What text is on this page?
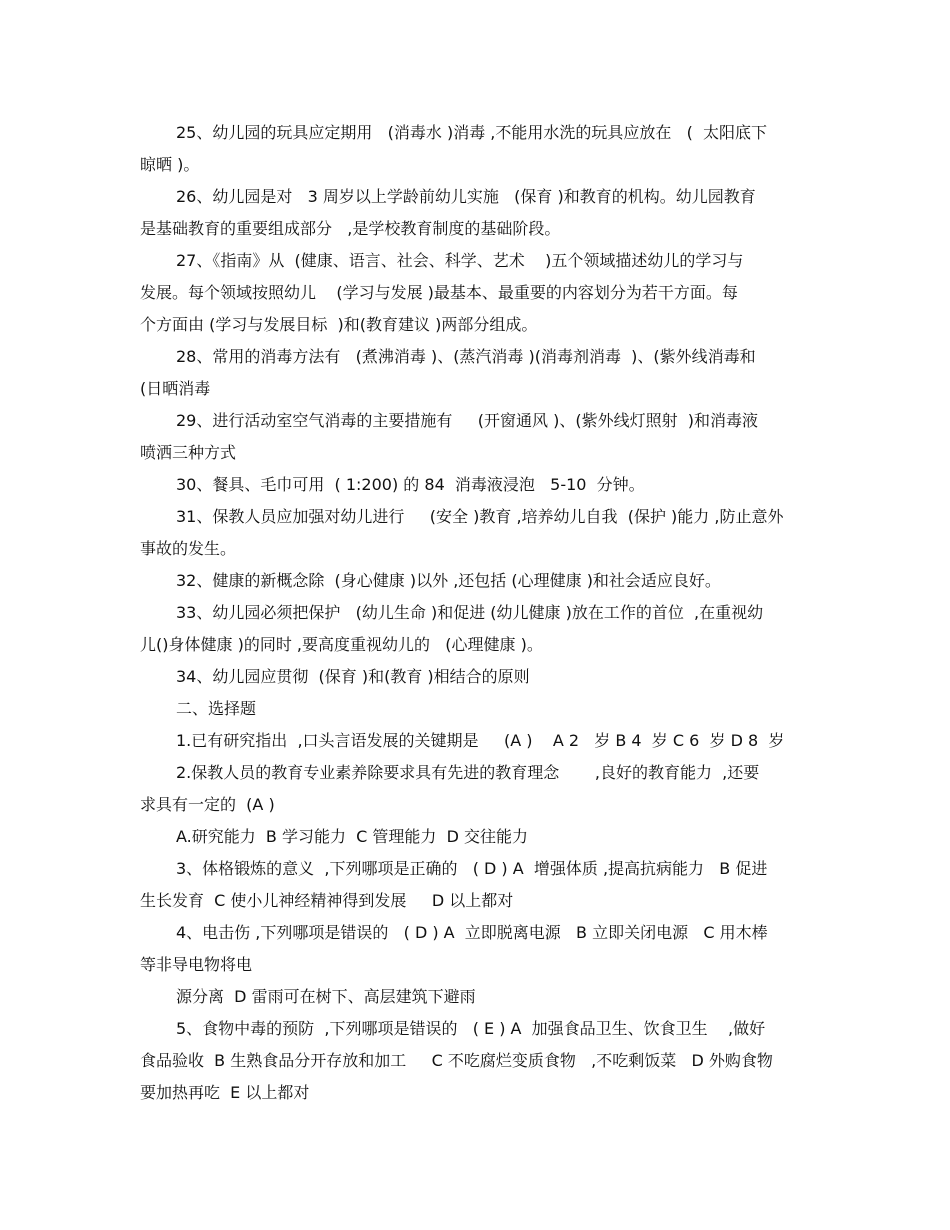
25、幼儿园的玩具应定期用   (消毒水 )消毒 ,不能用水洗的玩具应放在   (  太阳底下
晾晒 )。
26、幼儿园是对   3 周岁以上学龄前幼儿实施   (保育 )和教育的机构。幼儿园教育
是基础教育的重要组成部分   ,是学校教育制度的基础阶段。
27、《指南》从  (健康、语言、社会、科学、艺术    )五个领域描述幼儿的学习与
发展。每个领域按照幼儿    (学习与发展 )最基本、最重要的内容划分为若干方面。每
个方面由 (学习与发展目标  )和(教育建议 )两部分组成。
28、常用的消毒方法有   (煮沸消毒 )、(蒸汽消毒 )(消毒剂消毒  )、(紫外线消毒和
(日晒消毒
29、进行活动室空气消毒的主要措施有     (开窗通风 )、(紫外线灯照射  )和消毒液
喷洒三种方式
30、餐具、毛巾可用  ( 1:200) 的 84  消毒液浸泡   5-10  分钟。
31、保教人员应加强对幼儿进行     (安全 )教育 ,培养幼儿自我  (保护 )能力 ,防止意外
事故的发生。
32、健康的新概念除  (身心健康 )以外 ,还包括 (心理健康 )和社会适应良好。
33、幼儿园必须把保护   (幼儿生命 )和促进 (幼儿健康 )放在工作的首位  ,在重视幼
儿()身体健康 )的同时 ,要高度重视幼儿的   (心理健康 )。
34、幼儿园应贯彻  (保育 )和(教育 )相结合的原则
二、选择题
1.已有研究指出  ,口头言语发展的关键期是     (A )    A 2   岁 B 4  岁 C 6  岁 D 8  岁
2.保教人员的教育专业素养除要求具有先进的教育理念       ,良好的教育能力  ,还要
求具有一定的  (A )
A.研究能力  B 学习能力  C 管理能力  D 交往能力
3、体格锻炼的意义  ,下列哪项是正确的   ( D ) A  增强体质 ,提高抗病能力   B 促进
生长发育  C 使小儿神经精神得到发展     D 以上都对
4、电击伤 ,下列哪项是错误的   ( D ) A  立即脱离电源   B 立即关闭电源   C 用木棒
等非导电物将电
源分离  D 雷雨可在树下、高层建筑下避雨
5、食物中毒的预防  ,下列哪项是错误的   ( E ) A  加强食品卫生、饮食卫生    ,做好
食品验收  B 生熟食品分开存放和加工     C 不吃腐烂变质食物   ,不吃剩饭菜   D 外购食物
要加热再吃  E 以上都对
